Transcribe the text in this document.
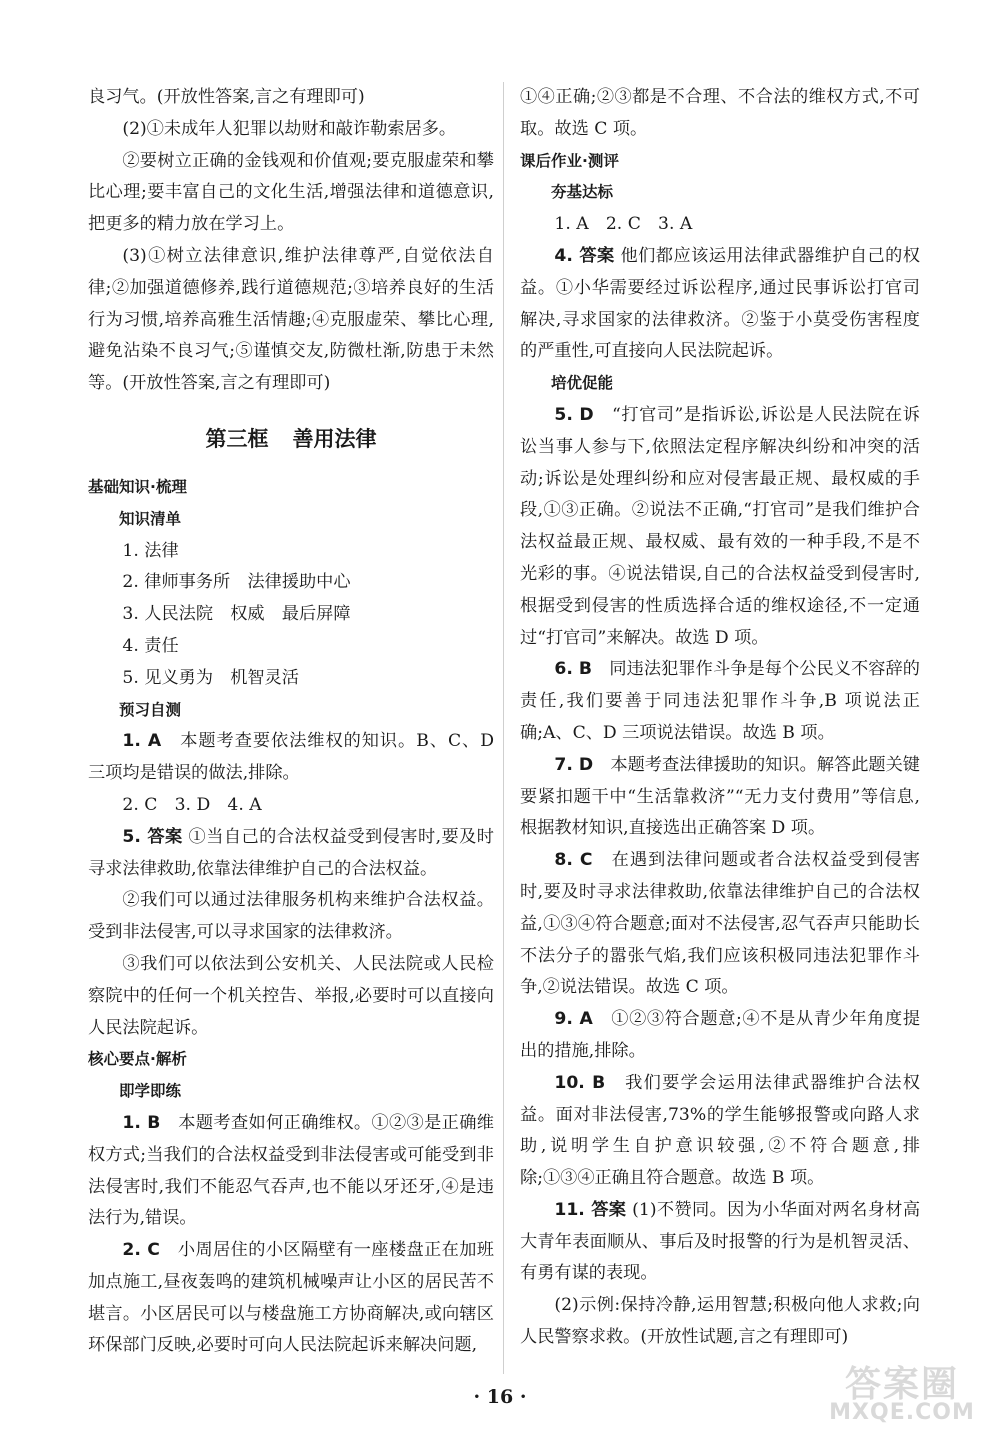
良习气。(开放性答案,言之有理即可)

(2)①未成年人犯罪以劫财和敲诈勒索居多。

②要树立正确的金钱观和价值观;要克服虚荣和攀比心理;要丰富自己的文化生活,增强法律和道德意识,把更多的精力放在学习上。

(3)①树立法律意识,维护法律尊严,自觉依法自律;②加强道德修养,践行道德规范;③培养良好的生活行为习惯,培养高雅生活情趣;④克服虚荣、攀比心理,避免沾染不良习气;⑤谨慎交友,防微杜渐,防患于未然等。(开放性答案,言之有理即可)

第三框 善用法律
基础知识·梳理
知识清单

1. 法律

2. 律师事务所　法律援助中心

3. 人民法院　权威　最后屏障

4. 责任

5. 见义勇为　机智灵活

预习自测

1. A　本题考查要依法维权的知识。B、C、D 三项均是错误的做法,排除。

2. C　3. D　4. A

5. 答案 ①当自己的合法权益受到侵害时,要及时寻求法律救助,依靠法律维护自己的合法权益。

②我们可以通过法律服务机构来维护合法权益。受到非法侵害,可以寻求国家的法律救济。

③我们可以依法到公安机关、人民法院或人民检察院中的任何一个机关控告、举报,必要时可以直接向人民法院起诉。

核心要点·解析
即学即练

1. B　本题考查如何正确维权。①②③是正确维权方式;当我们的合法权益受到非法侵害或可能受到非法侵害时,我们不能忍气吞声,也不能以牙还牙,④是违法行为,错误。

2. C　小周居住的小区隔壁有一座楼盘正在加班加点施工,昼夜轰鸣的建筑机械噪声让小区的居民苦不堪言。小区居民可以与楼盘施工方协商解决,或向辖区环保部门反映,必要时可向人民法院起诉来解决问题,

①④正确;②③都是不合理、不合法的维权方式,不可取。故选 C 项。

课后作业·测评
夯基达标

1. A　2. C　3. A

4. 答案 他们都应该运用法律武器维护自己的权益。①小华需要经过诉讼程序,通过民事诉讼打官司解决,寻求国家的法律救济。②鉴于小莫受伤害程度的严重性,可直接向人民法院起诉。

培优促能

5. D　“打官司”是指诉讼,诉讼是人民法院在诉讼当事人参与下,依照法定程序解决纠纷和冲突的活动;诉讼是处理纠纷和应对侵害最正规、最权威的手段,①③正确。②说法不正确,“打官司”是我们维护合法权益最正规、最权威、最有效的一种手段,不是不光彩的事。④说法错误,自己的合法权益受到侵害时,根据受到侵害的性质选择合适的维权途径,不一定通过“打官司”来解决。故选 D 项。

6. B　同违法犯罪作斗争是每个公民义不容辞的责任,我们要善于同违法犯罪作斗争,B 项说法正确;A、C、D 三项说法错误。故选 B 项。

7. D　本题考查法律援助的知识。解答此题关键要紧扣题干中“生活靠救济”“无力支付费用”等信息,根据教材知识,直接选出正确答案 D 项。

8. C　在遇到法律问题或者合法权益受到侵害时,要及时寻求法律救助,依靠法律维护自己的合法权益,①③④符合题意;面对不法侵害,忍气吞声只能助长不法分子的嚣张气焰,我们应该积极同违法犯罪作斗争,②说法错误。故选 C 项。

9. A　①②③符合题意;④不是从青少年角度提出的措施,排除。

10. B　我们要学会运用法律武器维护合法权益。面对非法侵害,73%的学生能够报警或向路人求助,说明学生自护意识较强,②不符合题意,排除;①③④正确且符合题意。故选 B 项。

11. 答案 (1)不赞同。因为小华面对两名身材高大青年表面顺从、事后及时报警的行为是机智灵活、有勇有谋的表现。

(2)示例:保持冷静,运用智慧;积极向他人求救;向人民警察求救。(开放性试题,言之有理即可)

· 16 ·	答案圈
MXQE.COM
